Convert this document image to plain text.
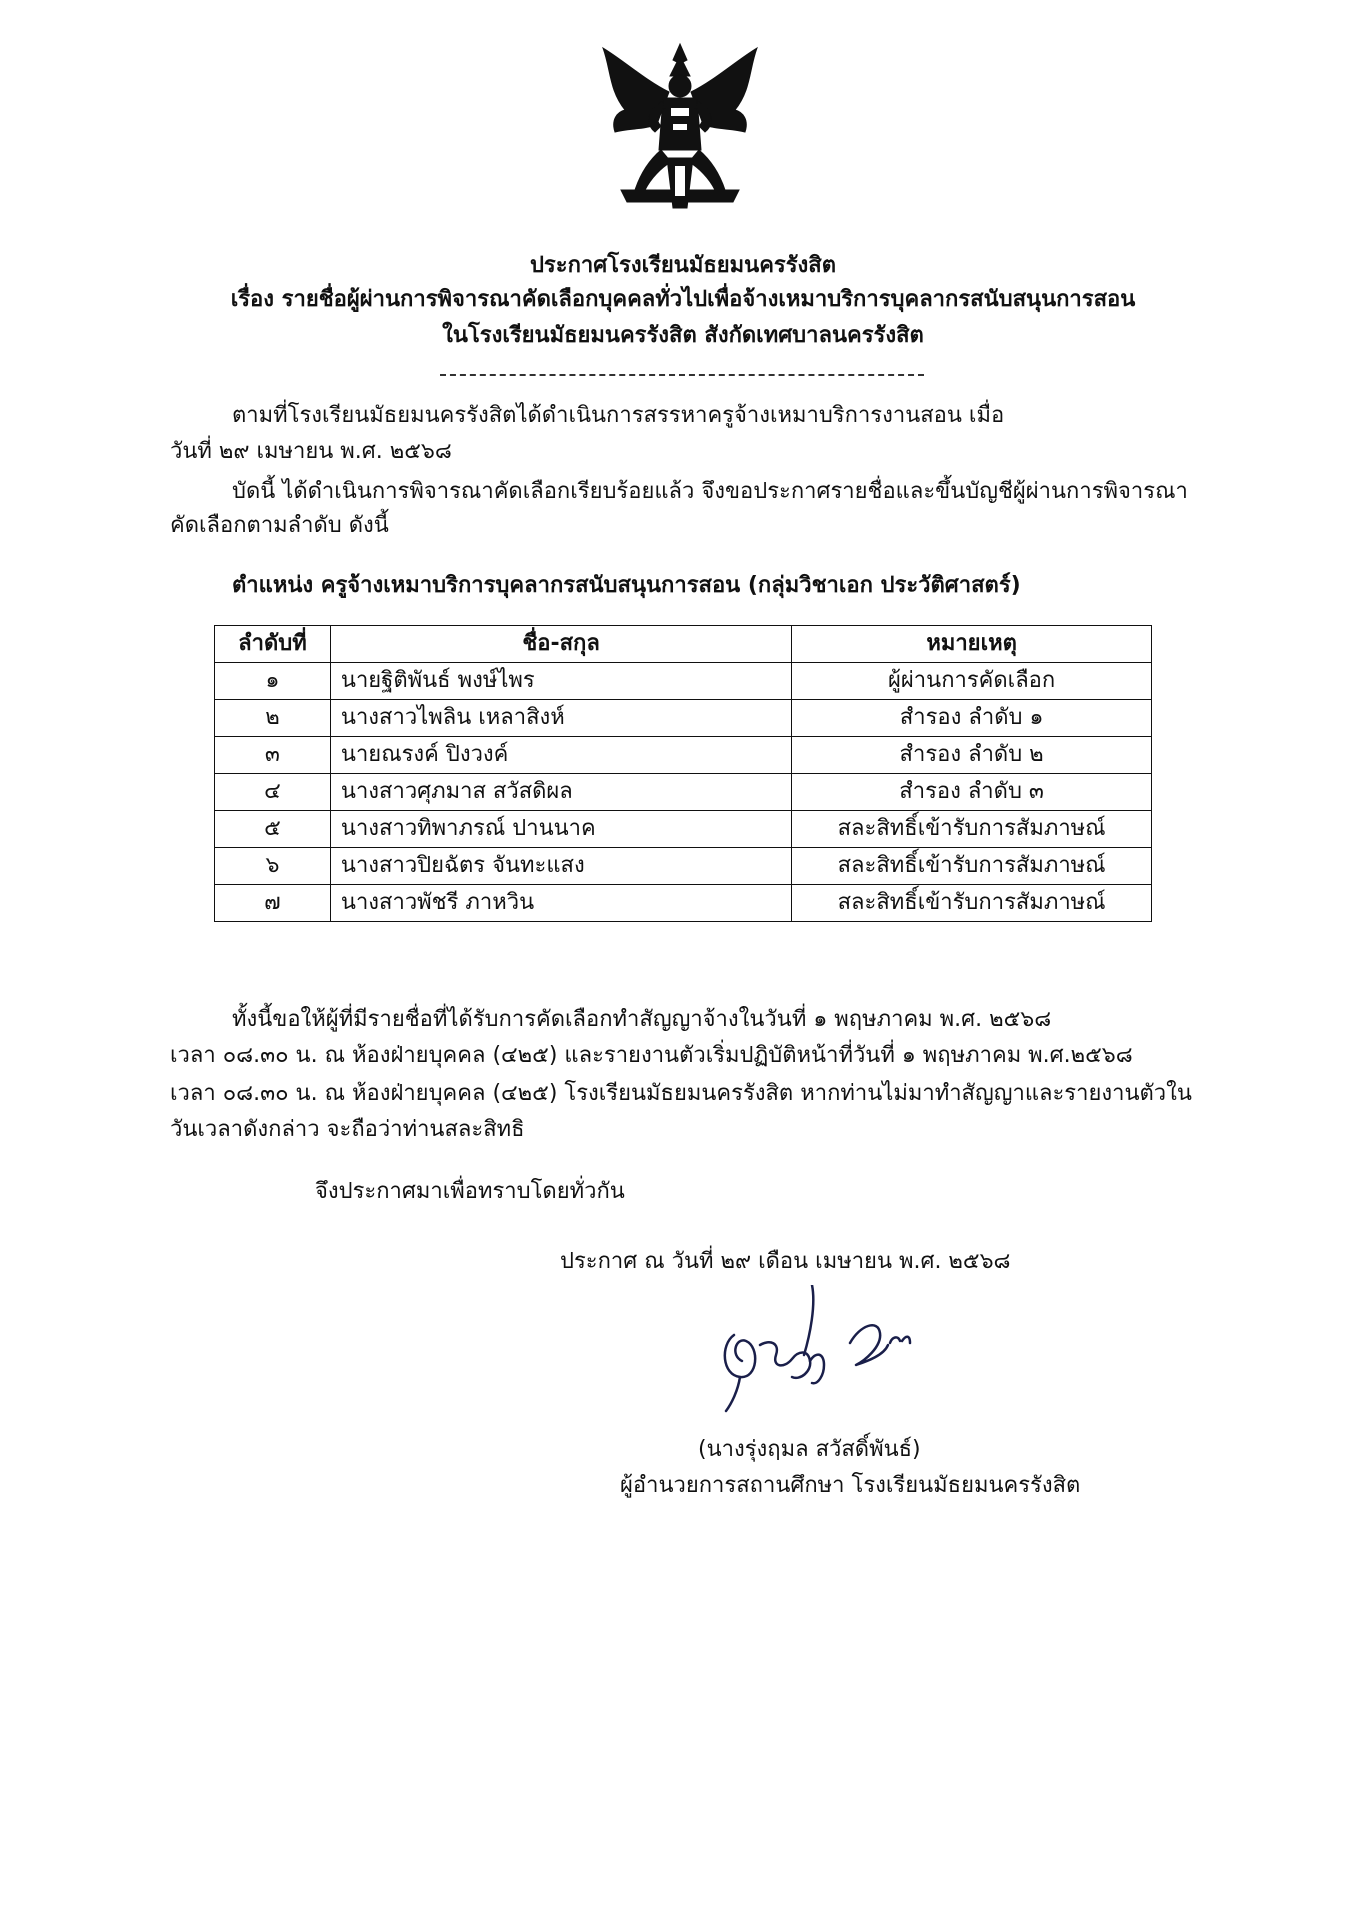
ประกาศโรงเรียนมัธยมนครรังสิต
เรื่อง รายชื่อผู้ผ่านการพิจารณาคัดเลือกบุคคลทั่วไปเพื่อจ้างเหมาบริการบุคลากรสนับสนุนการสอน
ในโรงเรียนมัธยมนครรังสิต สังกัดเทศบาลนครรังสิต
ตามที่โรงเรียนมัธยมนครรังสิตได้ดำเนินการสรรหาครูจ้างเหมาบริการงานสอน เมื่อ
วันที่ ๒๙ เมษายน พ.ศ. ๒๕๖๘
บัดนี้ ได้ดำเนินการพิจารณาคัดเลือกเรียบร้อยแล้ว จึงขอประกาศรายชื่อและขึ้นบัญชีผู้ผ่านการพิจารณา
คัดเลือกตามลำดับ ดังนี้
ตำแหน่ง ครูจ้างเหมาบริการบุคลากรสนับสนุนการสอน (กลุ่มวิชาเอก ประวัติศาสตร์)
ลำดับที่	ชื่อ-สกุล	หมายเหตุ
๑	นายฐิติพันธ์ พงษ์ไพร	ผู้ผ่านการคัดเลือก
๒	นางสาวไพลิน เหลาสิงห์	สำรอง ลำดับ ๑
๓	นายณรงค์ ปิงวงค์	สำรอง ลำดับ ๒
๔	นางสาวศุภมาส สวัสดิผล	สำรอง ลำดับ ๓
๕	นางสาวทิพาภรณ์ ปานนาค	สละสิทธิ์เข้ารับการสัมภาษณ์
๖	นางสาวปิยฉัตร จันทะแสง	สละสิทธิ์เข้ารับการสัมภาษณ์
๗	นางสาวพัชรี ภาหวิน	สละสิทธิ์เข้ารับการสัมภาษณ์
ทั้งนี้ขอให้ผู้ที่มีรายชื่อที่ได้รับการคัดเลือกทำสัญญาจ้างในวันที่ ๑ พฤษภาคม พ.ศ. ๒๕๖๘
เวลา ๐๘.๓๐ น. ณ ห้องฝ่ายบุคคล (๔๒๕) และรายงานตัวเริ่มปฏิบัติหน้าที่วันที่ ๑ พฤษภาคม พ.ศ.๒๕๖๘
เวลา ๐๘.๓๐ น. ณ ห้องฝ่ายบุคคล (๔๒๕) โรงเรียนมัธยมนครรังสิต หากท่านไม่มาทำสัญญาและรายงานตัวใน
วันเวลาดังกล่าว จะถือว่าท่านสละสิทธิ
จึงประกาศมาเพื่อทราบโดยทั่วกัน
ประกาศ ณ วันที่ ๒๙ เดือน เมษายน พ.ศ. ๒๕๖๘
(นางรุ่งฤมล สวัสดิ์พันธ์)
ผู้อำนวยการสถานศึกษา โรงเรียนมัธยมนครรังสิต
